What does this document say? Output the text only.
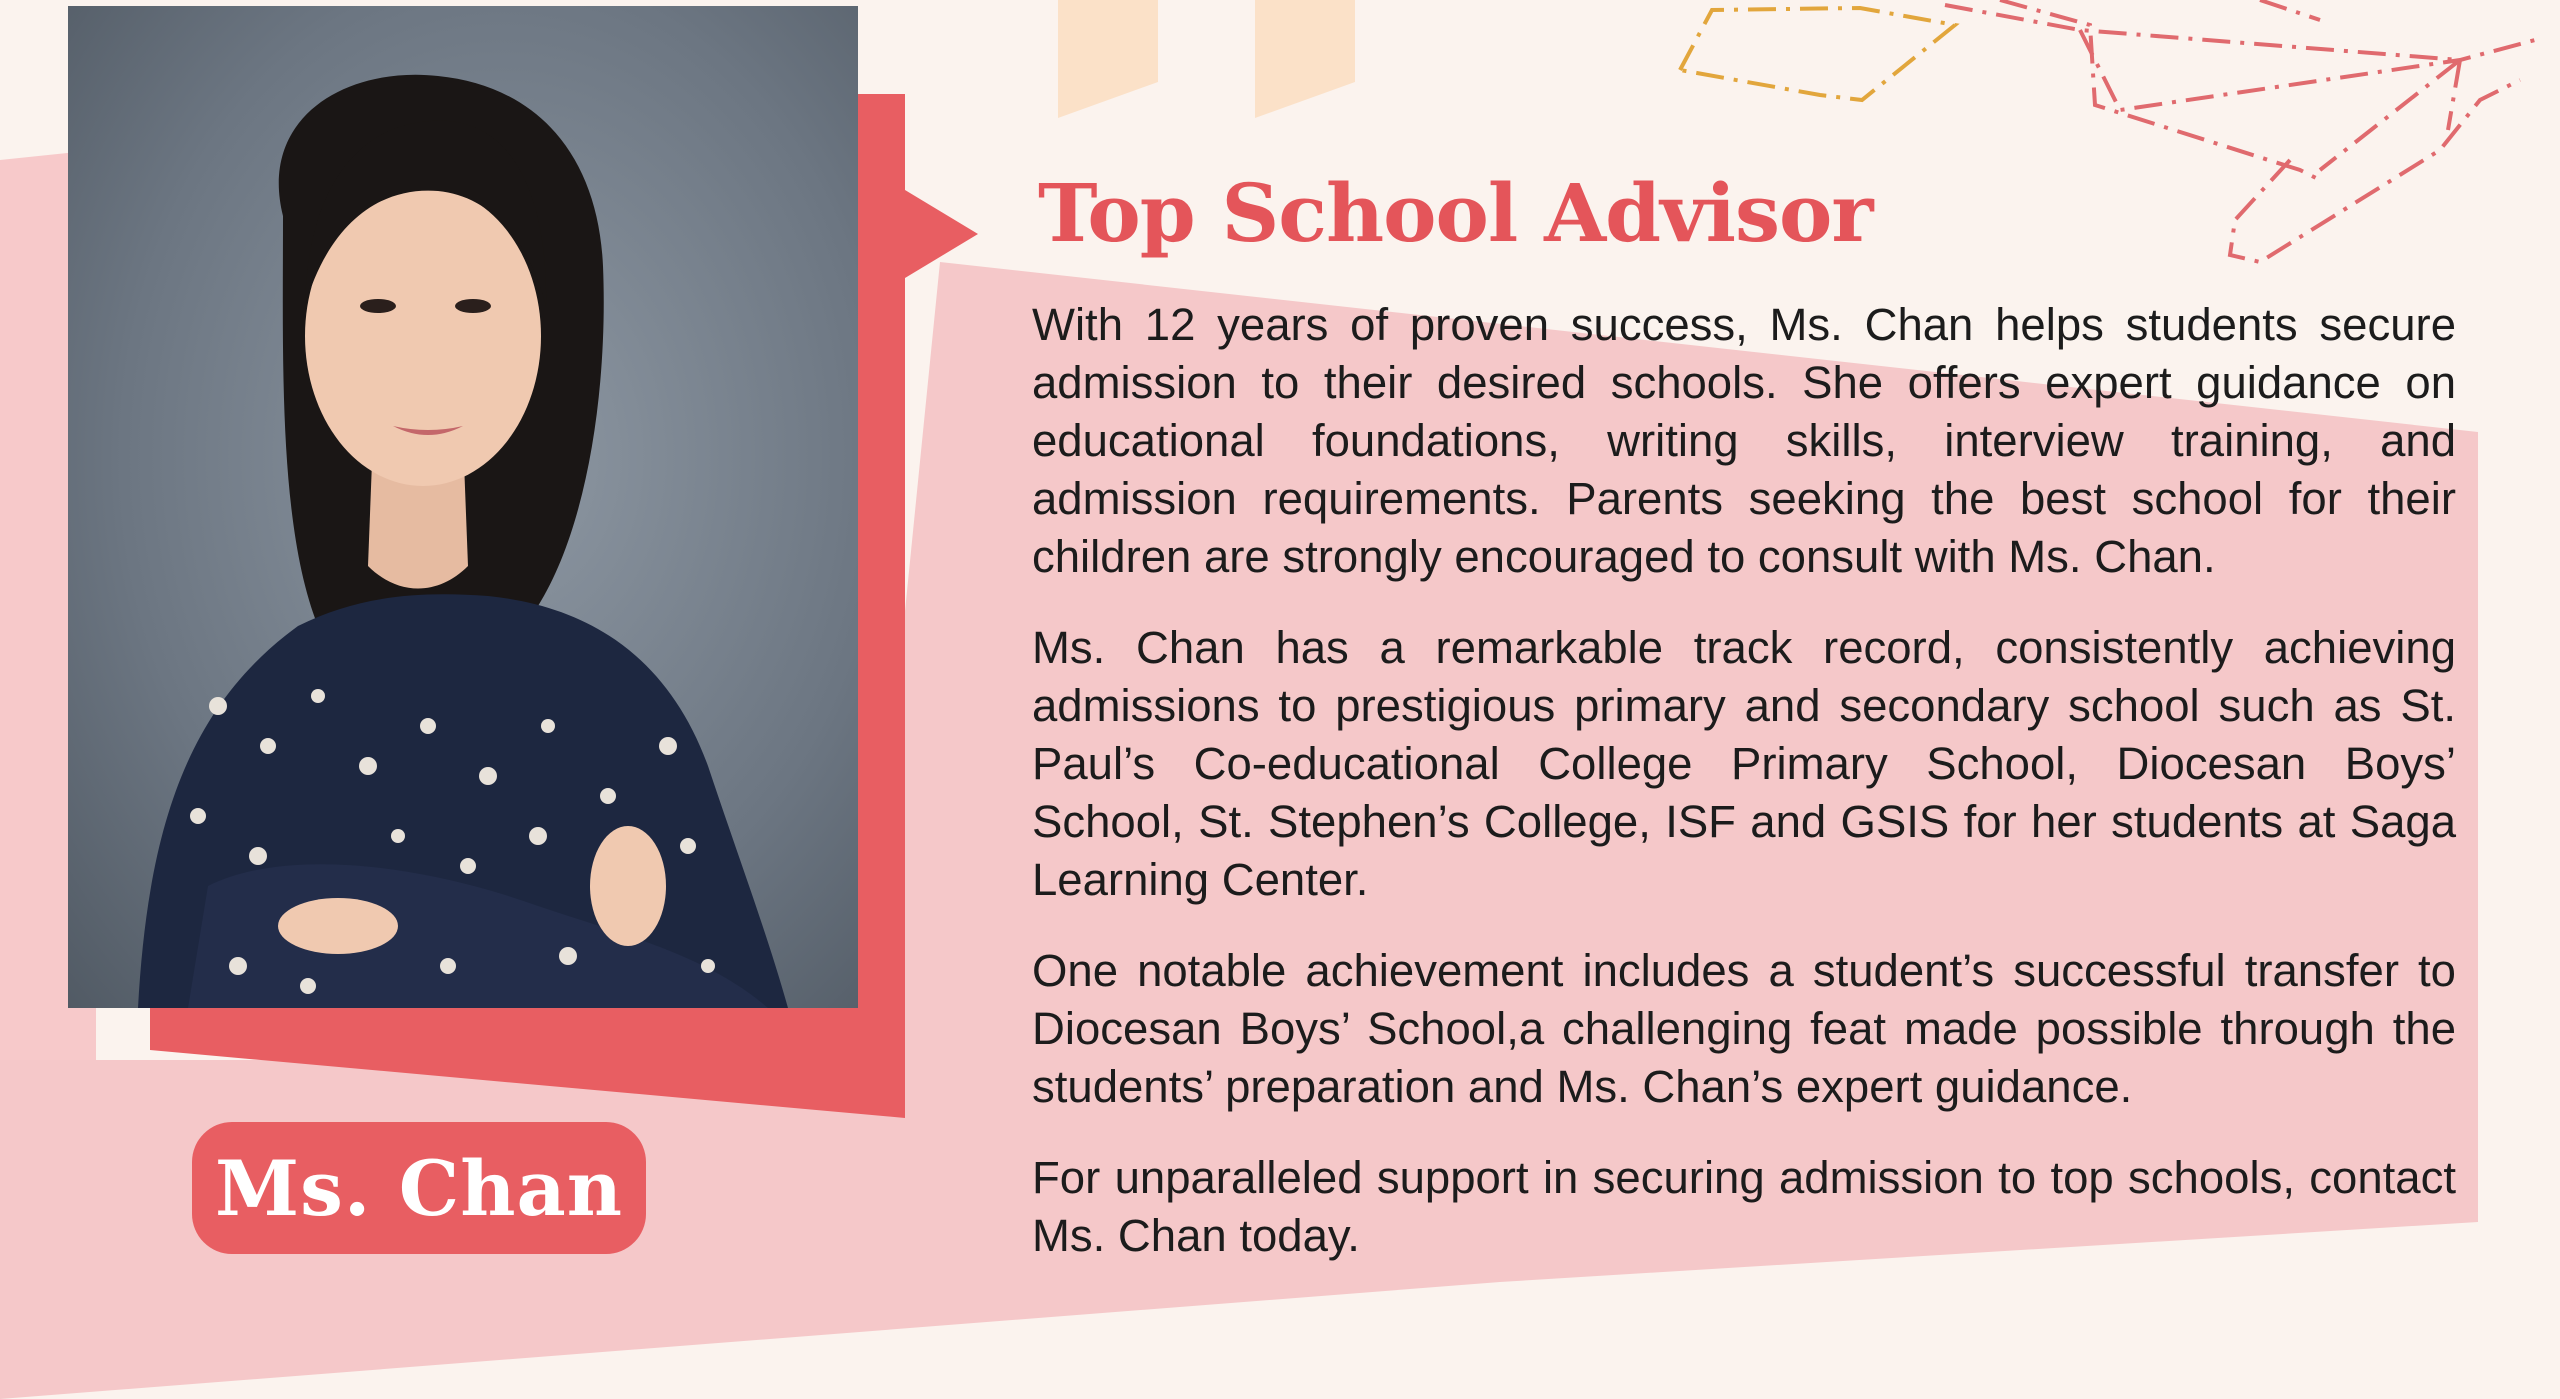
Ms. Chan
Top School Advisor

With 12 years of proven success, Ms. Chan helps students secure admission to their desired schools. She offers expert guidance on educational foundations, writing skills, interview training, and admission requirements. Parents seeking the best school for their children are strongly encouraged to consult with Ms. Chan.

Ms. Chan has a remarkable track record, consistently achieving admissions to prestigious primary and secondary school such as St. Paul’s Co-educational College Primary School, Diocesan Boys’ School, St. Stephen’s College, ISF and GSIS for her students at Saga Learning Center.

One notable achievement includes a student’s successful transfer to Diocesan Boys’ School,a challenging feat made possible through the students’ preparation and Ms. Chan’s expert guidance.

For unparalleled support in securing admission to top schools, contact Ms. Chan today.
